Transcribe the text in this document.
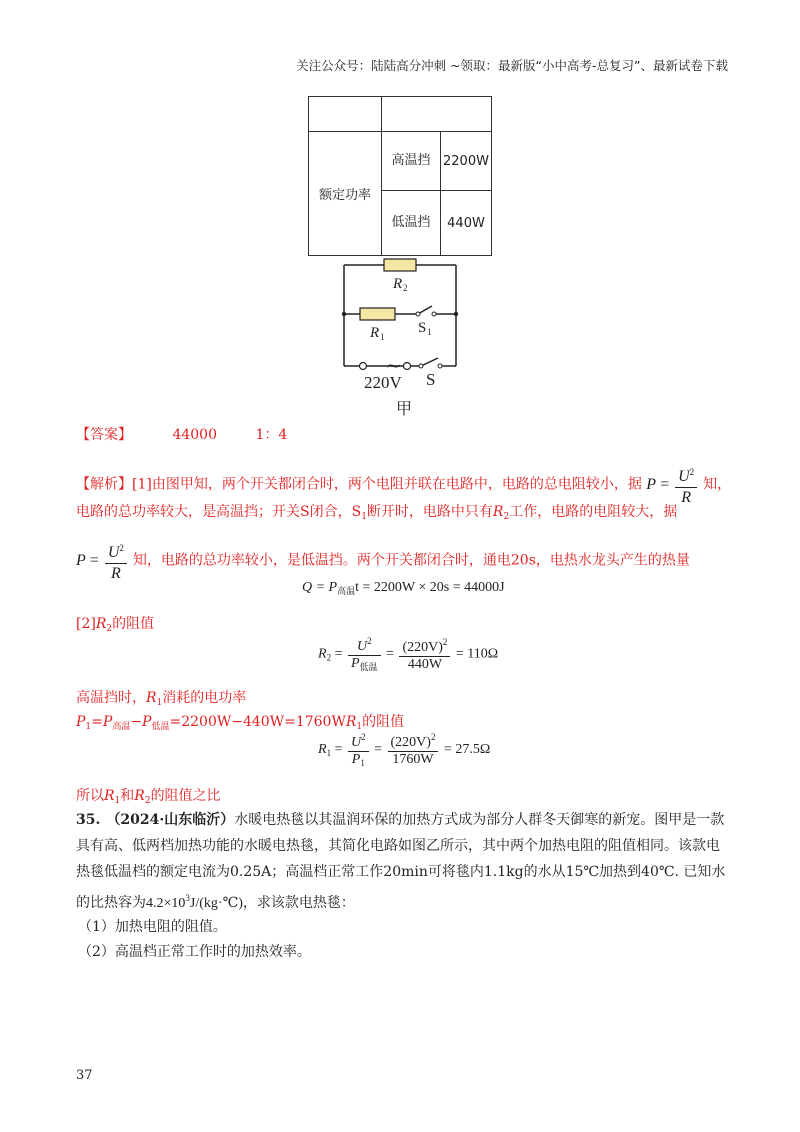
关注公众号：陆陆高分冲刺 ~领取：最新版“小中高考-总复习”、最新试卷下载

额定功率	高温挡	2200W

	低温挡	440W
~
R 2
R 1
S 1
220V S
甲
【答案】	44000	1：4
【解析】[1]由图甲知，两个开关都闭合时，两个电阻并联在电路中，电路的总电阻较小，据 $P = \frac{U^2}{R}$ 知，
电路的总功率较大，是高温挡；开关S闭合，$S_1$断开时，电路中只有$R_2$工作，电路的电阻较大，据
$P = \frac{U^2}{R}$ 知，电路的总功率较小，是低温挡。两个开关都闭合时，通电20s，电热水龙头产生的热量
$Q = P_{高温}t = 2200W \times 20s = 44000J$
$[2]R_2$的阻值
$R_2 = \frac{U^2}{P_{低温}} = \frac{(220V)^2}{440W} = 110\Omega$
高温挡时，$R_1$消耗的电功率
$P_1=P_{高温}-P_{低温}=2200W-440W=1760WR_1$的阻值
$R_1 = \frac{U^2}{P_1} = \frac{(220V)^2}{1760W} = 27.5\Omega$
所以$R_1$和$R_2$的阻值之比
35. （2024·山东临沂）水暖电热毯以其温润环保的加热方式成为部分人群冬天御寒的新宠。图甲是一款
具有高、低两档加热功能的水暖电热毯，其简化电路如图乙所示，其中两个加热电阻的阻值相同。该款电
热毯低温档的额定电流为0.25A；高温档正常工作20min可将毯内1.1kg的水从15℃加热到40℃. 已知水
的比热容为$4.2\times 10^3J/(kg\cdot℃)$，求该款电热毯：
（1）加热电阻的阻值。
（2）高温档正常工作时的加热效率。
37
